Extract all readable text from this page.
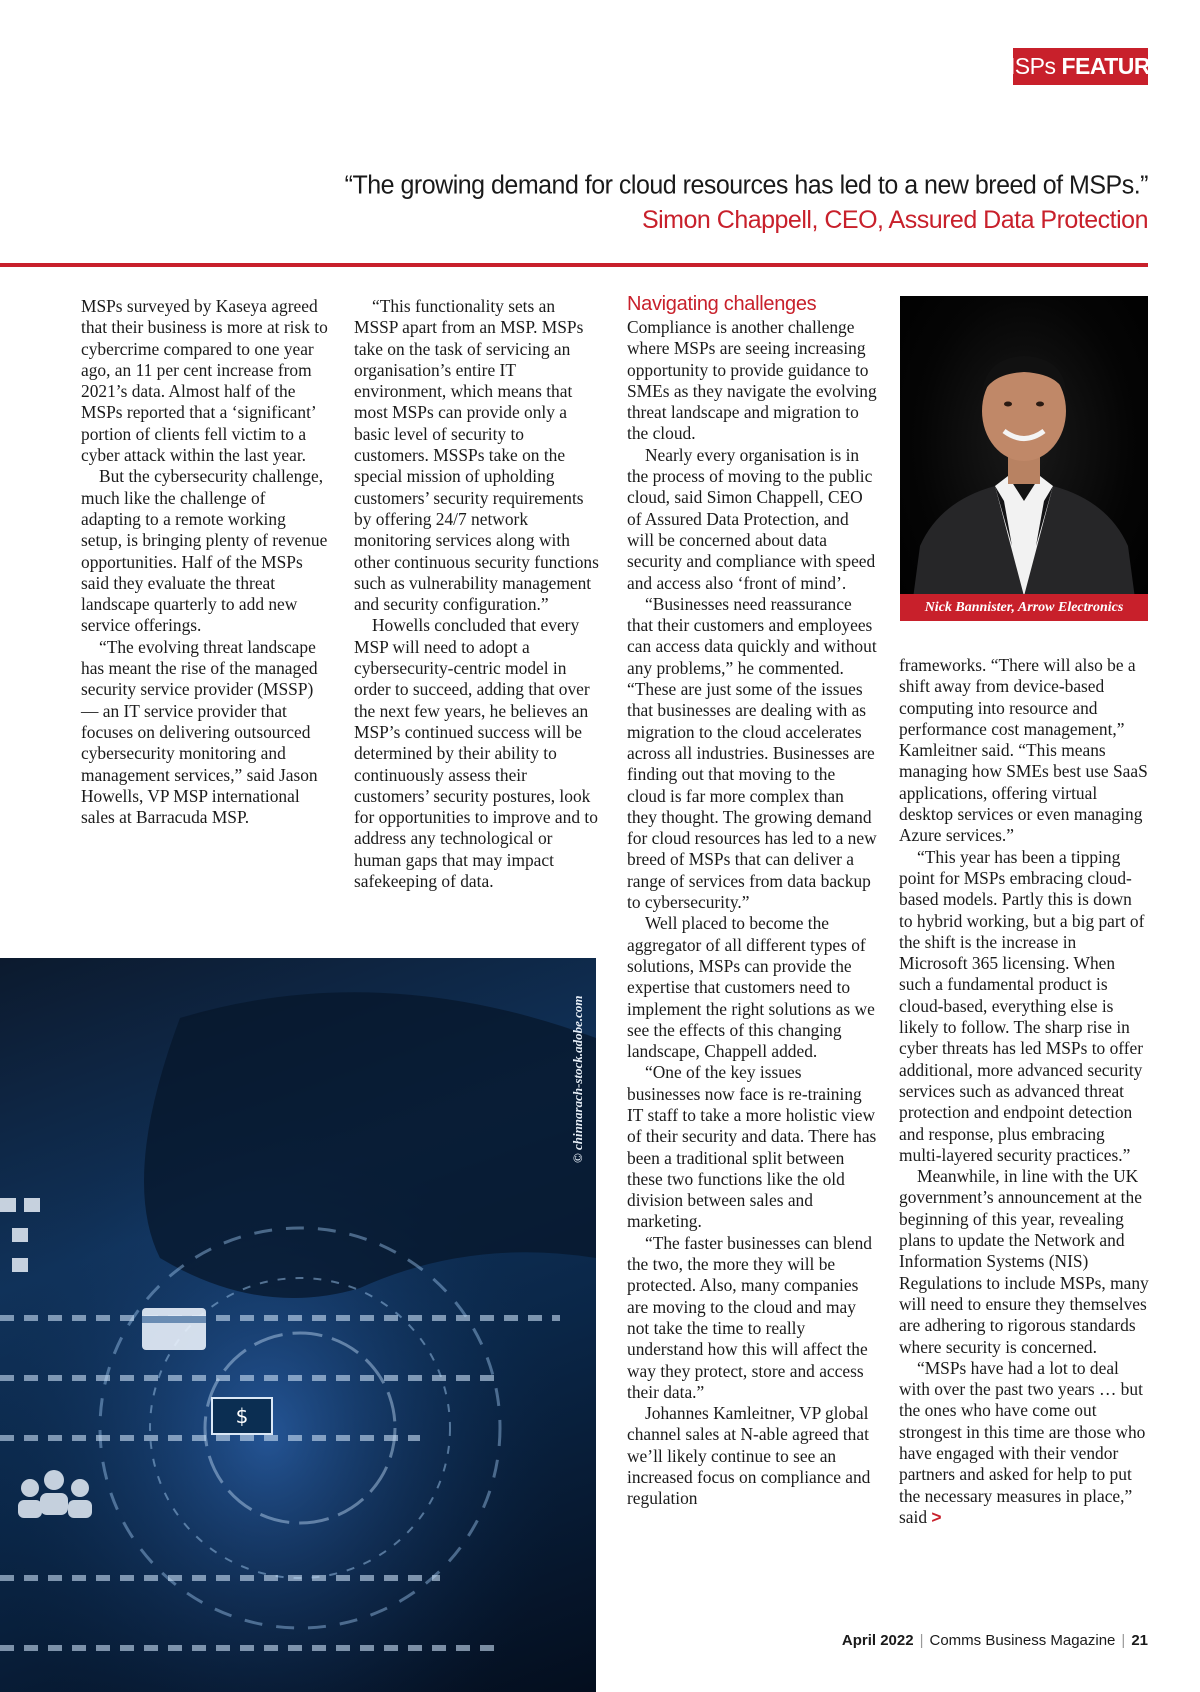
MSPs FEATURE
“The growing demand for cloud resources has led to a new breed of MSPs.”
Simon Chappell, CEO, Assured Data Protection

MSPs surveyed by Kaseya agreed that their business is more at risk to cybercrime compared to one year ago, an 11 per cent increase from 2021’s data. Almost half of the MSPs reported that a ‘significant’ portion of clients fell victim to a cyber attack within the last year.

But the cybersecurity challenge, much like the challenge of adapting to a remote working setup, is bringing plenty of revenue opportunities. Half of the MSPs said they evaluate the threat landscape quarterly to add new service offerings.

“The evolving threat landscape has meant the rise of the managed security service provider (MSSP) — an IT service provider that focuses on delivering outsourced cybersecurity monitoring and management services,” said Jason Howells, VP MSP international sales at Barracuda MSP.

“This functionality sets an MSSP apart from an MSP. MSPs take on the task of servicing an organisation’s entire IT environment, which means that most MSPs can provide only a basic level of security to customers. MSSPs take on the special mission of upholding customers’ security requirements by offering 24/7 network monitoring services along with other continuous security functions such as vulnerability management and security configuration.”

Howells concluded that every MSP will need to adopt a cybersecurity-centric model in order to succeed, adding that over the next few years, he believes an MSP’s continued success will be determined by their ability to continuously assess their customers’ security postures, look for opportunities to improve and to address any technological or human gaps that may impact safekeeping of data.

Navigating challenges

Compliance is another challenge where MSPs are seeing increasing opportunity to provide guidance to SMEs as they navigate the evolving threat landscape and migration to the cloud.

Nearly every organisation is in the process of moving to the public cloud, said Simon Chappell, CEO of Assured Data Protection, and will be concerned about data security and compliance with speed and access also ‘front of mind’.

“Businesses need reassurance that their customers and employees can access data quickly and without any problems,” he commented. “These are just some of the issues that businesses are dealing with as migration to the cloud accelerates across all industries. Businesses are finding out that moving to the cloud is far more complex than they thought. The growing demand for cloud resources has led to a new breed of MSPs that can deliver a range of services from data backup to cybersecurity.”

Well placed to become the aggregator of all different types of solutions, MSPs can provide the expertise that customers need to implement the right solutions as we see the effects of this changing landscape, Chappell added.

“One of the key issues businesses now face is re-training IT staff to take a more holistic view of their security and data. There has been a traditional split between these two functions like the old division between sales and marketing.

“The faster businesses can blend the two, the more they will be protected. Also, many companies are moving to the cloud and may not take the time to really understand how this will affect the way they protect, store and access their data.”

Johannes Kamleitner, VP global channel sales at N-able agreed that we’ll likely continue to see an increased focus on compliance and regulation

frameworks. “There will also be a shift away from device-based computing into resource and performance cost management,” Kamleitner said. “This means managing how SMEs best use SaaS applications, offering virtual desktop services or even managing Azure services.”

“This year has been a tipping point for MSPs embracing cloud-based models. Partly this is down to hybrid working, but a big part of the shift is the increase in Microsoft 365 licensing. When such a fundamental product is cloud-based, everything else is likely to follow. The sharp rise in cyber threats has led MSPs to offer additional, more advanced security services such as advanced threat protection and endpoint detection and response, plus embracing multi-layered security practices.”

Meanwhile, in line with the UK government’s announcement at the beginning of this year, revealing plans to update the Network and Information Systems (NIS) Regulations to include MSPs, many will need to ensure they themselves are adhering to rigorous standards where security is concerned.

“MSPs have had a lot to deal with over the past two years … but the ones who have come out strongest in this time are those who have engaged with their vendor partners and asked for help to put the necessary measures in place,” said >

Nick Bannister, Arrow Electronics
$
© chinnarach-stock.adobe.com
April 2022 | Comms Business Magazine | 21
